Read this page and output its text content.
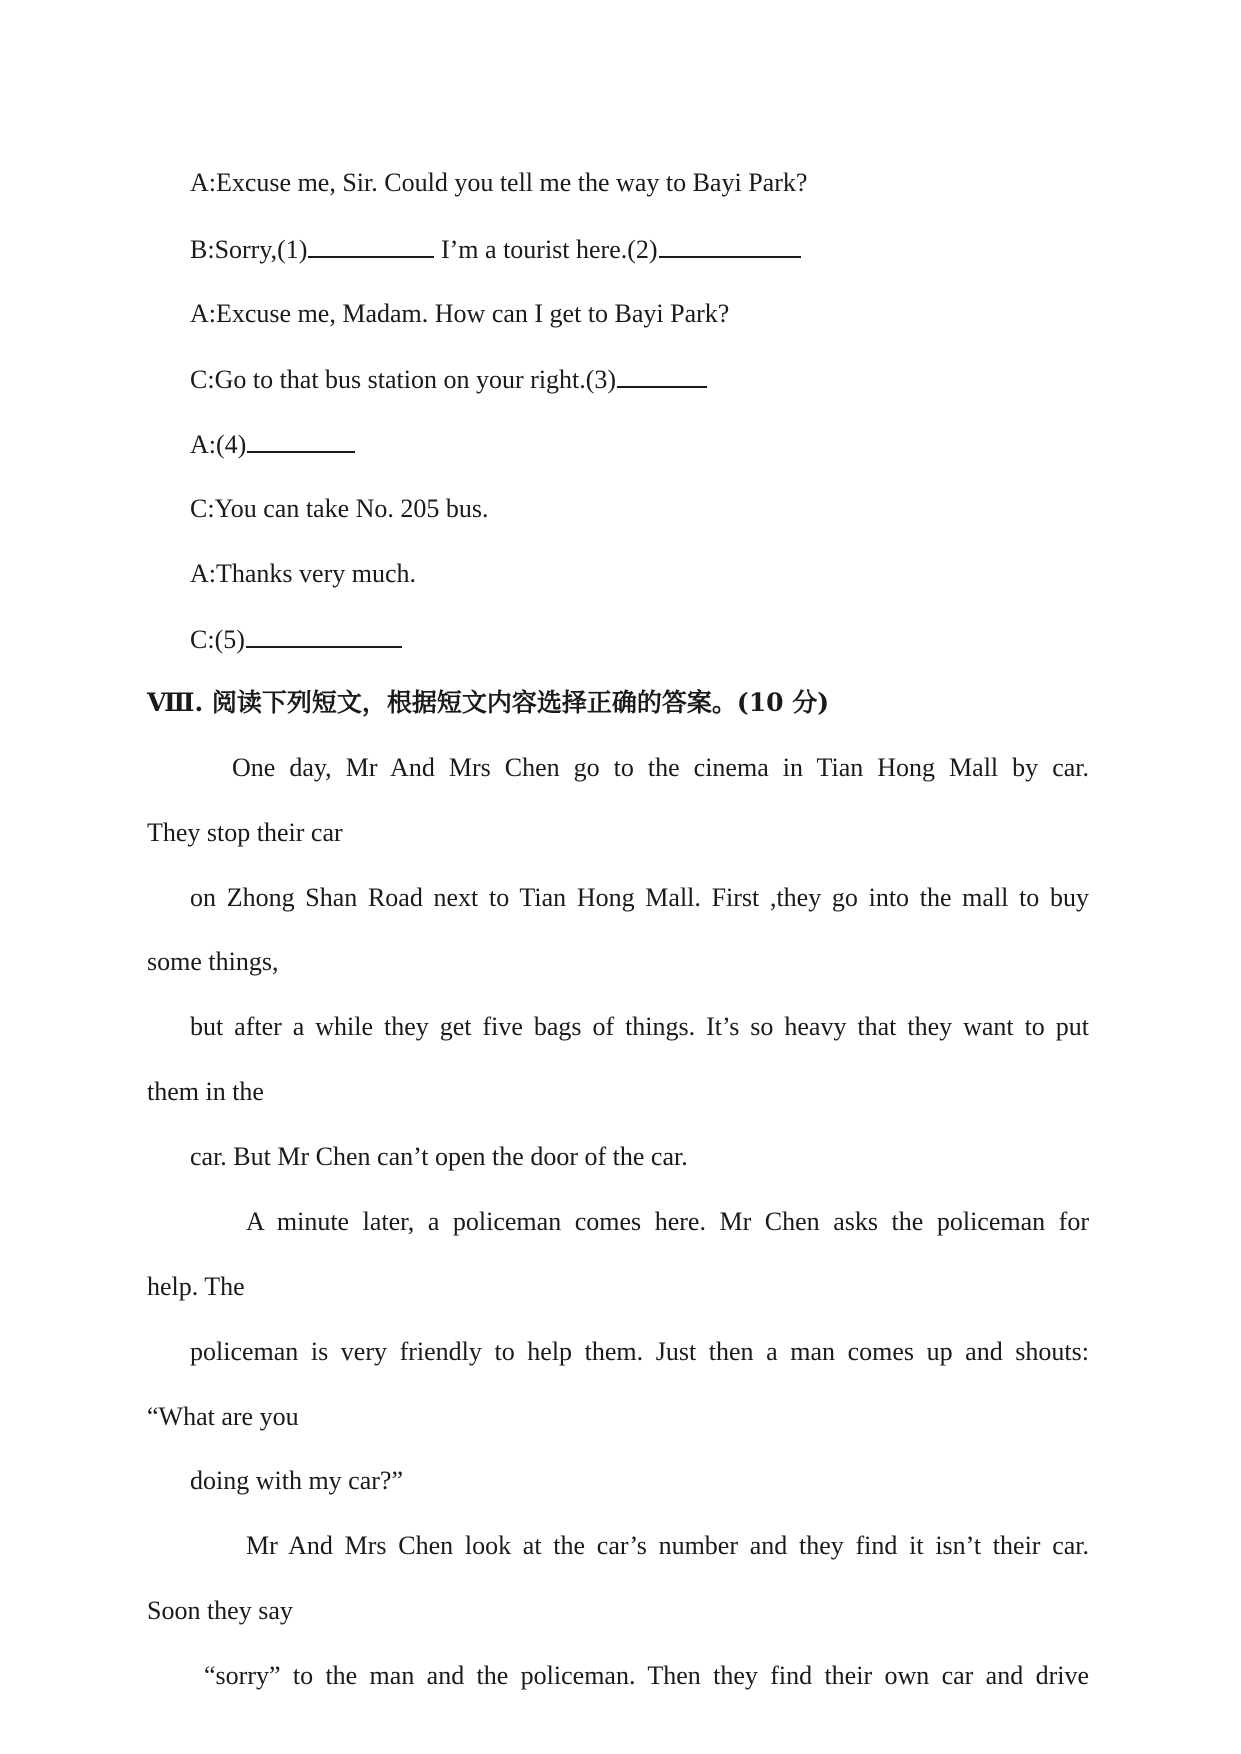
A:Excuse me, Sir. Could you tell me the way to Bayi Park?
B:Sorry,(1)	I’m a tourist here.(2)
A:Excuse me, Madam. How can I get to Bayi Park?
C:Go to that bus station on your right.(3)
A:(4)
C:You can take No. 205 bus.
A:Thanks very much.
C:(5)
Ⅷ. 阅读下列短文，根据短文内容选择正确的答案。(10 分)
One day, Mr And Mrs Chen go to the cinema in Tian Hong Mall by car.
They stop their car
on Zhong Shan Road next to Tian Hong Mall. First ,they go into the mall to buy
some things,
but after a while they get five bags of things. It’s so heavy that they want to put
them in the
car. But Mr Chen can’t open the door of the car.
A minute later, a policeman comes here. Mr Chen asks the policeman for
help. The
policeman is very friendly to help them. Just then a man comes up and shouts:
“What are you
doing with my car?”
Mr And Mrs Chen look at the car’s number and they find it isn’t their car.
Soon they say
“sorry” to the man and the policeman. Then they find their own car and drive
